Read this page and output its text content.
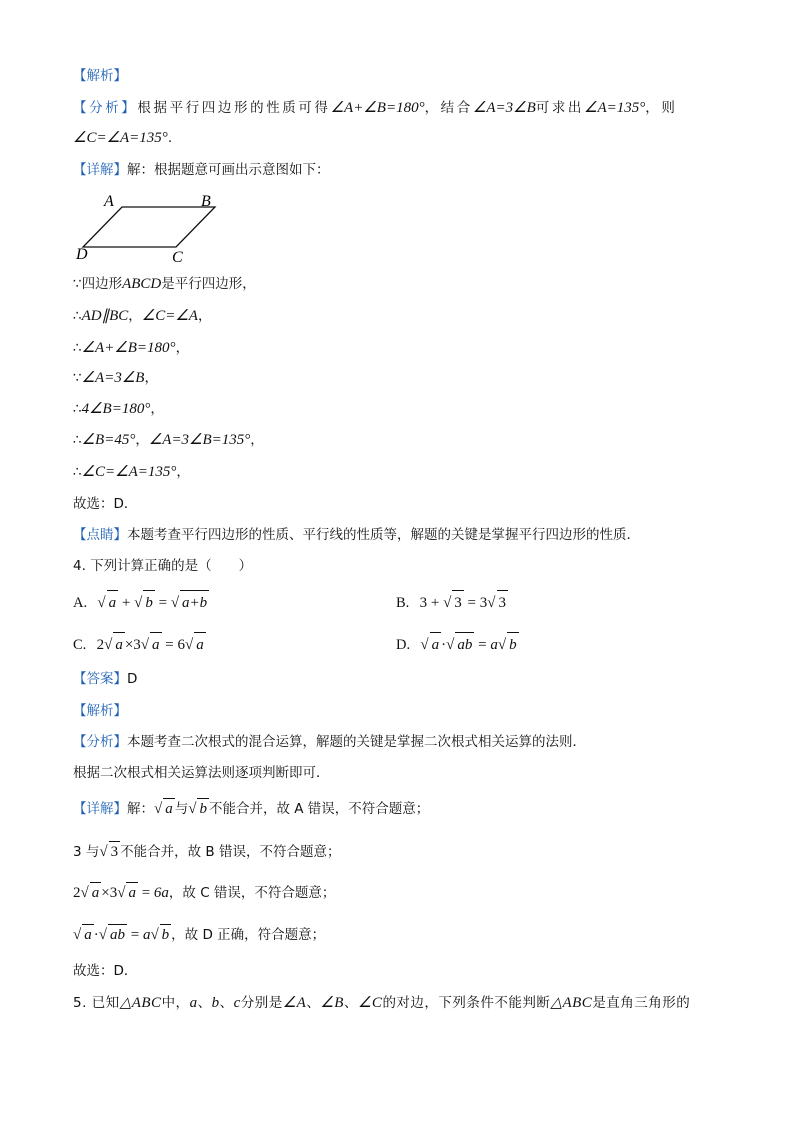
【解析】
【分析】根据平行四边形的性质可得∠A+∠B=180°，结合∠A=3∠B可求出∠A=135°，则
∠C=∠A=135°.
【详解】解：根据题意可画出示意图如下：
A	B
C
D
∵四边形ABCD是平行四边形，
∴AD∥BC，∠C=∠A，
∴∠A+∠B=180°，
∵∠A=3∠B，
∴4∠B=180°，
∴∠B=45°，∠A=3∠B=135°，
∴∠C=∠A=135°，
故选：D．
【点睛】本题考查平行四边形的性质、平行线的性质等，解题的关键是掌握平行四边形的性质．
4. 下列计算正确的是（　　）
A. √ a + √ b = √ a+b	B. 3 + √ 3 = 3√ 3
C. 2√ a ×3√ a = 6√ a	D. √ a ·√ ab = a√ b
【答案】D
【解析】
【分析】本题考查二次根式的混合运算，解题的关键是掌握二次根式相关运算的法则．
根据二次根式相关运算法则逐项判断即可．
【详解】解：√ a 与√ b 不能合并，故 A 错误，不符合题意；
3 与√ 3 不能合并，故 B 错误，不符合题意；
2√ a ×3√ a = 6a，故 C 错误，不符合题意；
√ a ·√ ab = a√ b ，故 D 正确，符合题意；
故选：D．
5. 已知△ABC中，a、b、c分别是∠A、∠B、∠C的对边，下列条件不能判断△ABC是直角三角形的
